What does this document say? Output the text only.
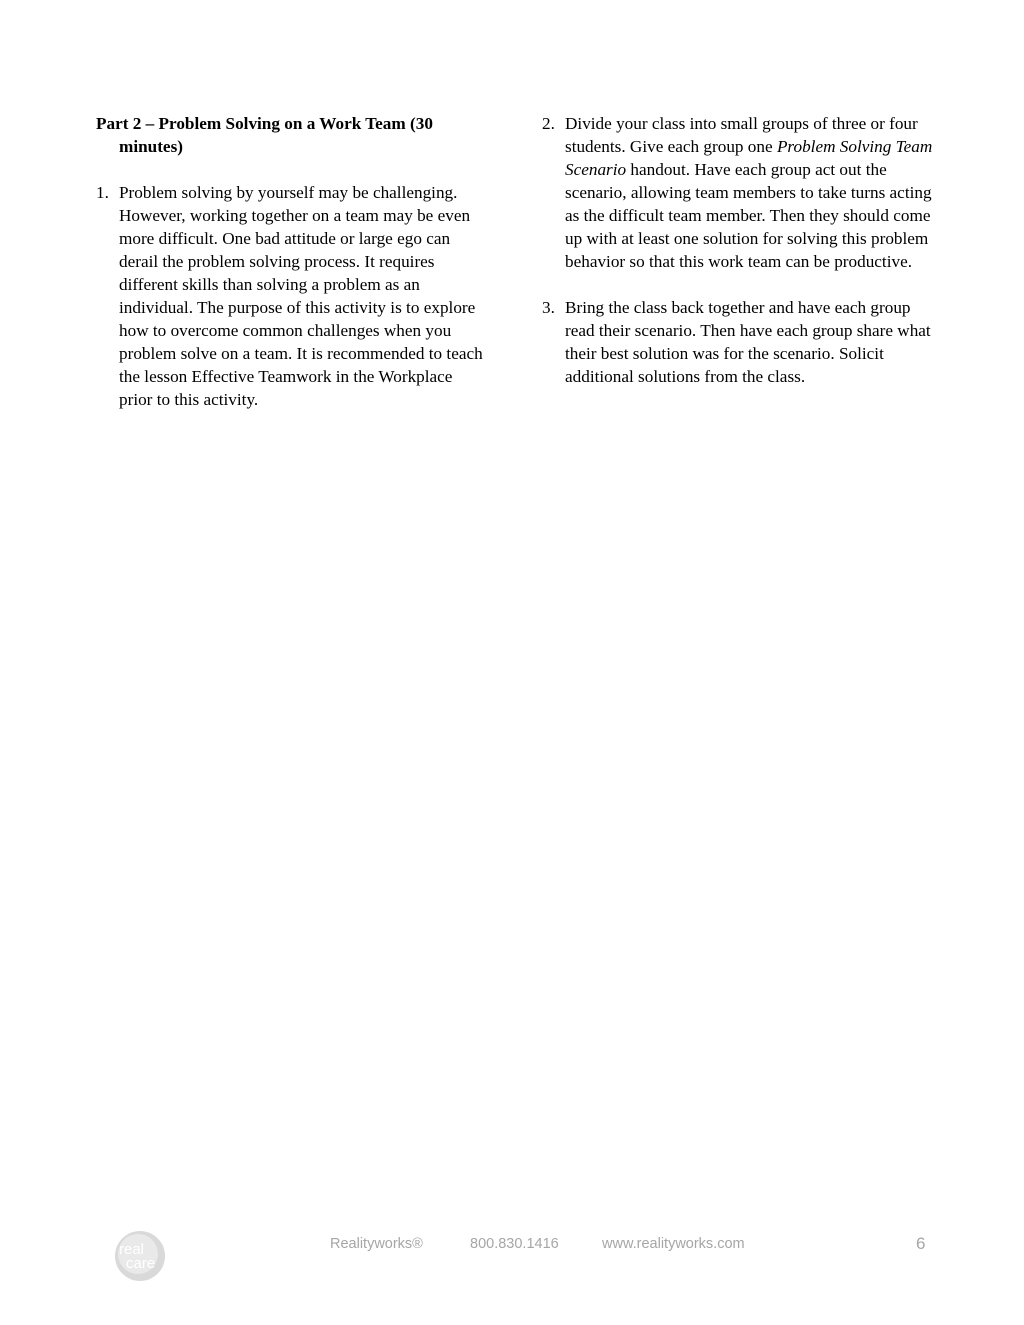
Part 2 – Problem Solving on a Work Team (30 minutes)

1. Problem solving by yourself may be challenging. However, working together on a team may be even more difficult. One bad attitude or large ego can derail the problem solving process. It requires different skills than solving a problem as an individual. The purpose of this activity is to explore how to overcome common challenges when you problem solve on a team. It is recommended to teach the lesson Effective Teamwork in the Workplace prior to this activity.
2. Divide your class into small groups of three or four students. Give each group one Problem Solving Team Scenario handout. Have each group act out the scenario, allowing team members to take turns acting as the difficult team member. Then they should come up with at least one solution for solving this problem behavior so that this work team can be productive.
3. Bring the class back together and have each group read their scenario. Then have each group share what their best solution was for the scenario. Solicit additional solutions from the class.
real
care
Realityworks®	800.830.1416	www.realityworks.com	6
